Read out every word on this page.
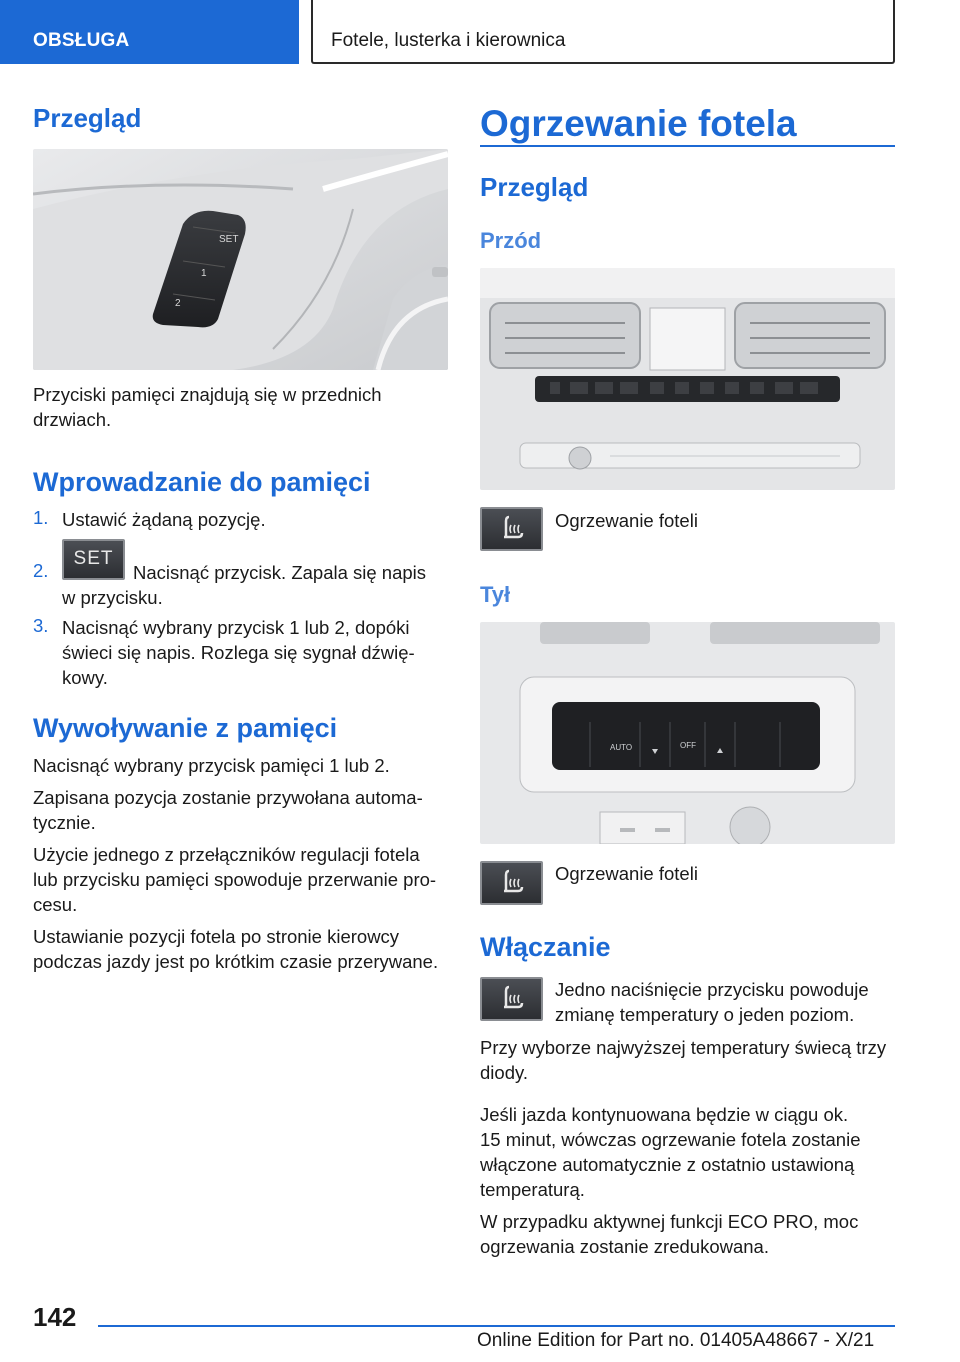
OBSŁUGA	Fotele, lusterka i kierownica
Przegląd
SET
1
2
Przyciski pamięci znajdują się w przednich
drzwiach.
Wprowadzanie do pamięci
1. Ustawić żądaną pozycję.
2.
SET
Nacisnąć przycisk. Zapala się napis
w przycisku.
3. Nacisnąć wybrany przycisk 1 lub 2, dopóki
świeci się napis. Rozlega się sygnał dźwię‐
kowy.
Wywoływanie z pamięci
Nacisnąć wybrany przycisk pamięci 1 lub 2.
Zapisana pozycja zostanie przywołana automa‐
tycznie.
Użycie jednego z przełączników regulacji fotela
lub przycisku pamięci spowoduje przerwanie pro‐
cesu.
Ustawianie pozycji fotela po stronie kierowcy
podczas jazdy jest po krótkim czasie przerywane.
Ogrzewanie fotela
Przegląd
Przód
Ogrzewanie foteli
Tył
AUTO	OFF
Ogrzewanie foteli
Włączanie
Jedno naciśnięcie przycisku powoduje
zmianę temperatury o jeden poziom.
Przy wyborze najwyższej temperatury świecą trzy
diody.
Jeśli jazda kontynuowana będzie w ciągu ok.
15 minut, wówczas ogrzewanie fotela zostanie
włączone automatycznie z ostatnio ustawioną
temperaturą.
W przypadku aktywnej funkcji ECO PRO, moc
ogrzewania zostanie zredukowana.
142
Online Edition for Part no. 01405A48667 - X/21
